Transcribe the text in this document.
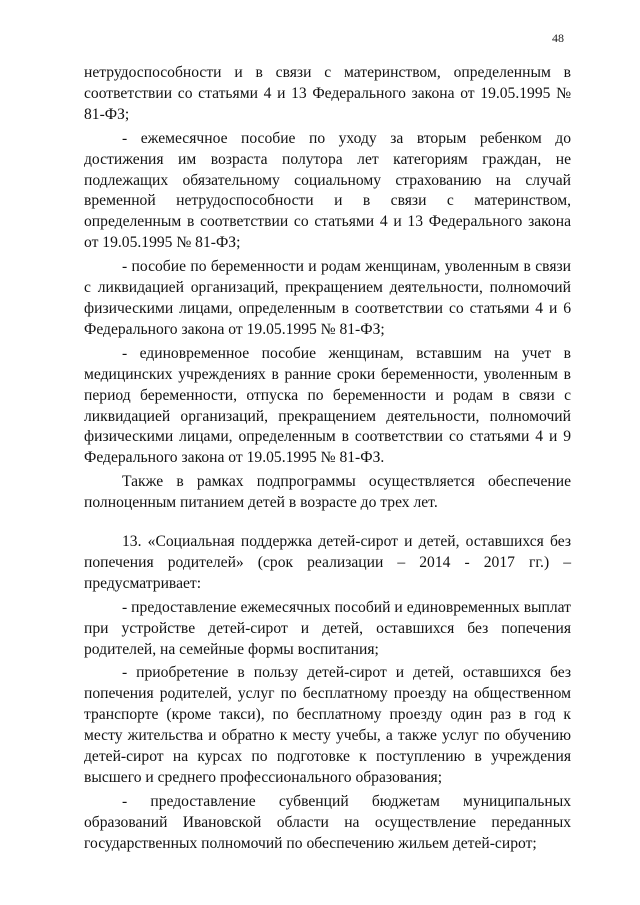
48

нетрудоспособности и в связи с материнством, определенным в соответствии со статьями 4 и 13 Федерального закона от 19.05.1995 № 81-ФЗ;

- ежемесячное пособие по уходу за вторым ребенком до достижения им возраста полутора лет категориям граждан, не подлежащих обязательному социальному страхованию на случай временной нетрудоспособности и в связи с материнством, определенным в соответствии со статьями 4 и 13 Федерального закона от 19.05.1995 № 81-ФЗ;

- пособие по беременности и родам женщинам, уволенным в связи с ликвидацией организаций, прекращением деятельности, полномочий физическими лицами, определенным в соответствии со статьями 4 и 6 Федерального закона от 19.05.1995 № 81-ФЗ;

- единовременное пособие женщинам, вставшим на учет в медицинских учреждениях в ранние сроки беременности, уволенным в период беременности, отпуска по беременности и родам в связи с ликвидацией организаций, прекращением деятельности, полномочий физическими лицами, определенным в соответствии со статьями 4 и 9 Федерального закона от 19.05.1995 № 81-ФЗ.

Также в рамках подпрограммы осуществляется обеспечение полноценным питанием детей в возрасте до трех лет.

13. «Социальная поддержка детей-сирот и детей, оставшихся без попечения родителей» (срок реализации – 2014 - 2017 гг.) – предусматривает:

- предоставление ежемесячных пособий и единовременных выплат при устройстве детей-сирот и детей, оставшихся без попечения родителей, на семейные формы воспитания;

- приобретение в пользу детей-сирот и детей, оставшихся без попечения родителей, услуг по бесплатному проезду на общественном транспорте (кроме такси), по бесплатному проезду один раз в год к месту жительства и обратно к месту учебы, а также услуг по обучению детей-сирот на курсах по подготовке к поступлению в учреждения высшего и среднего профессионального образования;

- предоставление субвенций бюджетам муниципальных образований Ивановской области на осуществление переданных государственных полномочий по обеспечению жильем детей-сирот;
